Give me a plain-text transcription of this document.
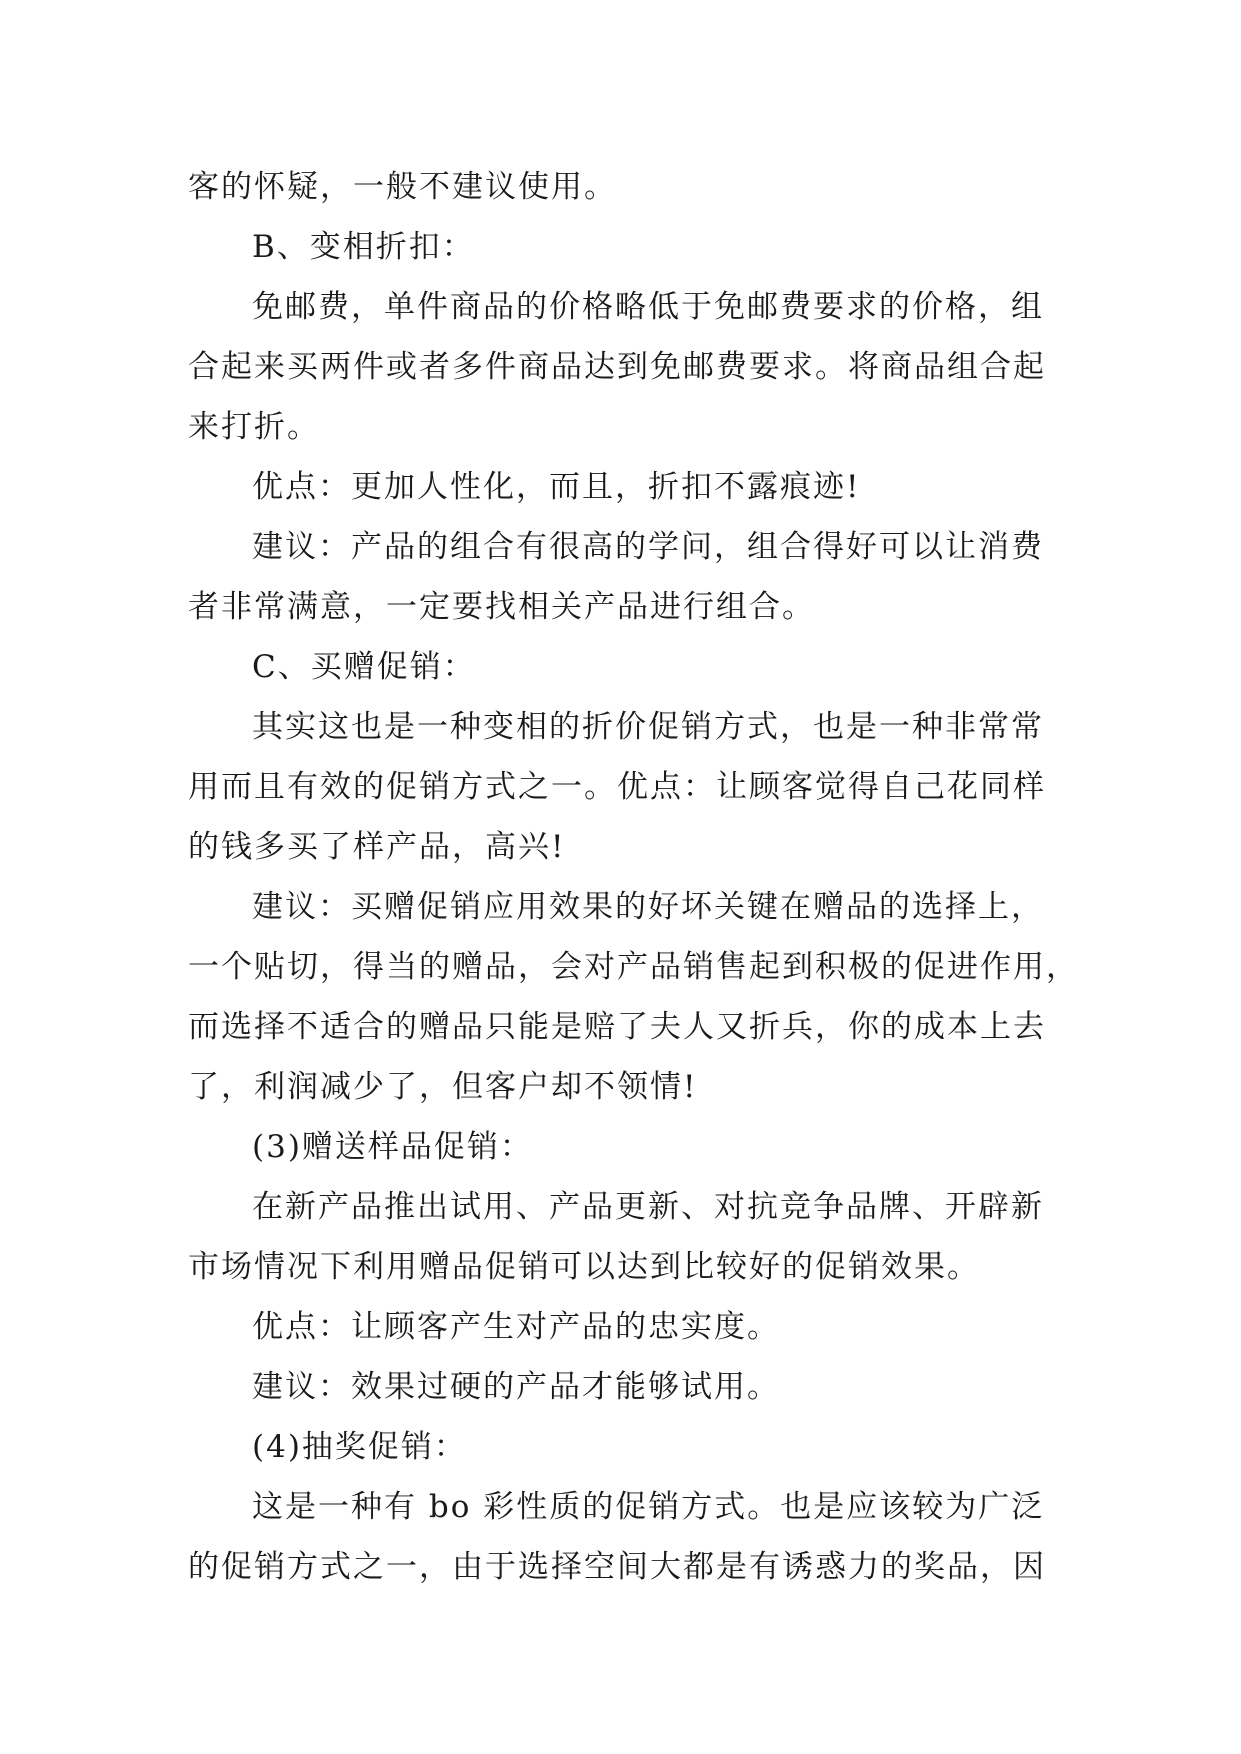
客的怀疑，一般不建议使用。
B、变相折扣：
免邮费，单件商品的价格略低于免邮费要求的价格，组
合起来买两件或者多件商品达到免邮费要求。将商品组合起
来打折。
优点：更加人性化，而且，折扣不露痕迹!
建议：产品的组合有很高的学问，组合得好可以让消费
者非常满意，一定要找相关产品进行组合。
C、买赠促销：
其实这也是一种变相的折价促销方式，也是一种非常常
用而且有效的促销方式之一。优点：让顾客觉得自己花同样
的钱多买了样产品，高兴!
建议：买赠促销应用效果的好坏关键在赠品的选择上，
一个贴切，得当的赠品，会对产品销售起到积极的促进作用，
而选择不适合的赠品只能是赔了夫人又折兵，你的成本上去
了，利润减少了，但客户却不领情!
(3)赠送样品促销：
在新产品推出试用、产品更新、对抗竞争品牌、开辟新
市场情况下利用赠品促销可以达到比较好的促销效果。
优点：让顾客产生对产品的忠实度。
建议：效果过硬的产品才能够试用。
(4)抽奖促销：
这是一种有 bo 彩性质的促销方式。也是应该较为广泛
的促销方式之一，由于选择空间大都是有诱惑力的奖品，因
